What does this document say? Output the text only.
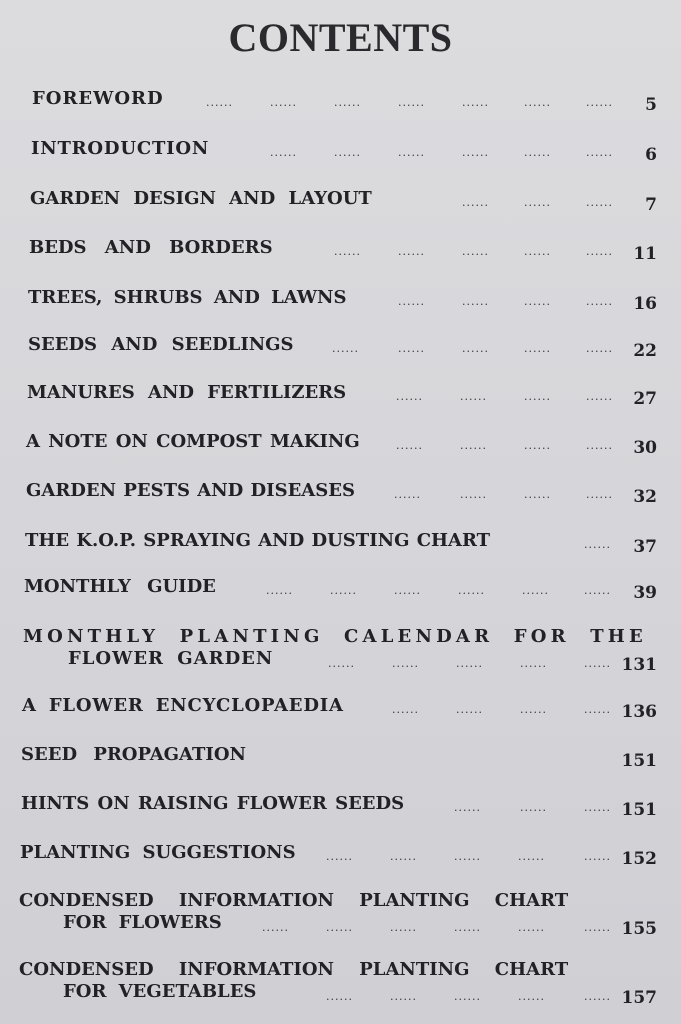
CONTENTS
FOREWORD	......	......	......	......	......	......	...... 5
INTRODUCTION	......	......	......	......	......	...... 6
GARDEN DESIGN AND LAYOUT	......	......	...... 7
BEDS AND BORDERS	......	......	......	......	...... 11
TREES, SHRUBS AND LAWNS	......	......	......	...... 16
SEEDS AND SEEDLINGS	......	......	......	......	...... 22
MANURES AND FERTILIZERS	......	......	......	...... 27
A NOTE ON COMPOST MAKING	......	......	......	...... 30
GARDEN PESTS AND DISEASES	......	......	......	...... 32
THE K.O.P. SPRAYING AND DUSTING CHART	...... 37
MONTHLY GUIDE	......	......	......	......	......	...... 39
MONTHLY PLANTING CALENDAR FOR THE
FLOWER GARDEN	......	......	......	......	...... 131
A FLOWER ENCYCLOPAEDIA	......	......	......	...... 136
SEED PROPAGATION	151
HINTS ON RAISING FLOWER SEEDS	......	......	...... 151
PLANTING SUGGESTIONS	......	......	......	......	...... 152
CONDENSED INFORMATION PLANTING CHART
FOR FLOWERS	......	......	......	......	......	...... 155
CONDENSED INFORMATION PLANTING CHART
FOR VEGETABLES	......	......	......	......	...... 157
